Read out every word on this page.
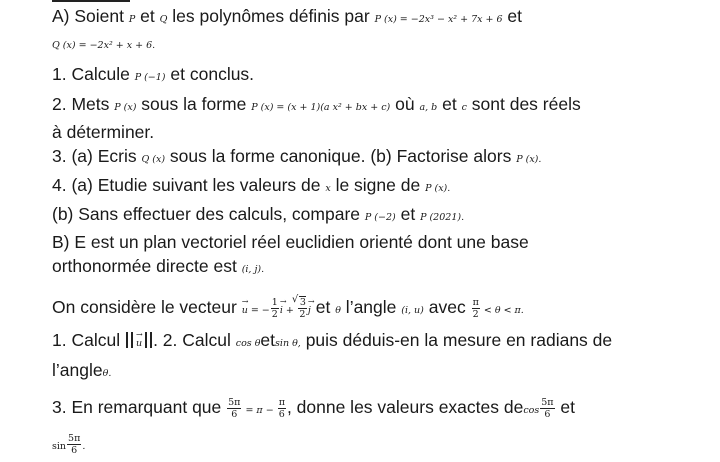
A) Soient P et Q les polynômes définis par P (x) = −2x³ − x² + 7x + 6 et
Q (x) = −2x² + x + 6.
1. Calcule P (−1) et conclus.
2. Mets P (x) sous la forme P (x) = (x + 1)(a x² + bx + c) où a, b et c sont des réels
à déterminer.
3. (a) Ecris Q (x) sous la forme canonique. (b) Factorise alors P (x).
4. (a) Etudie suivant les valeurs de x le signe de P (x).
(b) Sans effectuer des calculs, compare P (−2) et P (2021).
B) E est un plan vectoriel réel euclidien orienté dont une base
orthonormée directe est (i, j).
On considère le vecteur → u = − $\frac{1}{2}$
→ i +
√ $\frac{3}{2}$
→ j et θ l’angle (i, u) avec $\frac{\pi}{2} < \theta < \pi$.
1. Calcul → u . 2. Calcul cos θetsin θ, puis déduis-en la mesure en radians de
l’angleθ.
3. En remarquant que $\frac{5\pi}{6} = \pi - \frac{\pi}{6}$ , donne les valeurs exactes decos $\frac{5\pi}{6}$ et
$\sin \frac{5\pi}{6}$ .
